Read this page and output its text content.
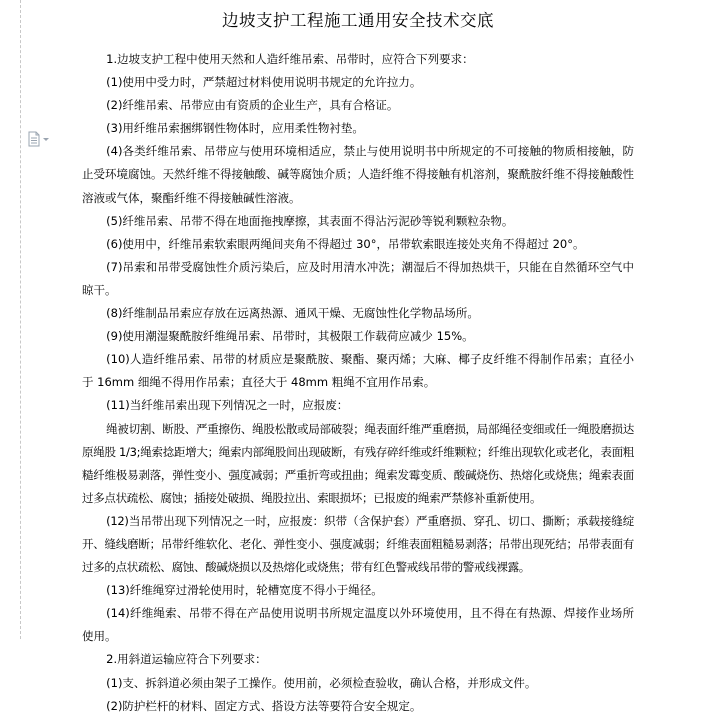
边坡支护工程施工通用安全技术交底

1.边坡支护工程中使用天然和人造纤维吊索、吊带时，应符合下列要求：

(1)使用中受力时，严禁超过材料使用说明书规定的允许拉力。

(2)纤维吊索、吊带应由有资质的企业生产，具有合格证。

(3)用纤维吊索捆绑钢性物体时，应用柔性物衬垫。

(4)各类纤维吊索、吊带应与使用环境相适应，禁止与使用说明书中所规定的不可接触的物质相接触，防止受环境腐蚀。天然纤维不得接触酸、碱等腐蚀介质；人造纤维不得接触有机溶剂，聚酰胺纤维不得接触酸性溶液或气体，聚酯纤维不得接触碱性溶液。

(5)纤维吊索、吊带不得在地面拖拽摩擦，其表面不得沾污泥砂等锐利颗粒杂物。

(6)使用中，纤维吊索软索眼两绳间夹角不得超过 30°，吊带软索眼连接处夹角不得超过 20°。

(7)吊索和吊带受腐蚀性介质污染后，应及时用清水冲洗；潮湿后不得加热烘干，只能在自然循环空气中晾干。

(8)纤维制品吊索应存放在远离热源、通风干燥、无腐蚀性化学物品场所。

(9)使用潮湿聚酰胺纤维绳吊索、吊带时，其极限工作载荷应减少 15%。

(10)人造纤维吊索、吊带的材质应是聚酰胺、聚酯、聚丙烯；大麻、椰子皮纤维不得制作吊索；直径小于 16mm 细绳不得用作吊索；直径大于 48mm 粗绳不宜用作吊索。

(11)当纤维吊索出现下列情况之一时，应报废：

绳被切割、断股、严重擦伤、绳股松散或局部破裂；绳表面纤维严重磨损，局部绳径变细或任一绳股磨损达原绳股 1/3;绳索捻距增大；绳索内部绳股间出现破断，有残存碎纤维或纤维颗粒；纤维出现软化或老化，表面粗糙纤维极易剥落，弹性变小、强度减弱；严重折弯或扭曲；绳索发霉变质、酸碱烧伤、热熔化或烧焦；绳索表面过多点状疏松、腐蚀；插接处破损、绳股拉出、索眼损坏；已报废的绳索严禁修补重新使用。

(12)当吊带出现下列情况之一时，应报废：织带（含保护套）严重磨损、穿孔、切口、撕断；承载接缝绽开、缝线磨断；吊带纤维软化、老化、弹性变小、强度减弱；纤维表面粗糙易剥落；吊带出现死结；吊带表面有过多的点状疏松、腐蚀、酸碱烧损以及热熔化或烧焦；带有红色警戒线吊带的警戒线裸露。

(13)纤维绳穿过滑轮使用时，轮槽宽度不得小于绳径。

(14)纤维绳索、吊带不得在产品使用说明书所规定温度以外环境使用，且不得在有热源、焊接作业场所使用。

2.用斜道运输应符合下列要求：

(1)支、拆斜道必须由架子工操作。使用前，必须检查验收，确认合格，并形成文件。

(2)防护栏杆的材料、固定方式、搭设方法等要符合安全规定。
